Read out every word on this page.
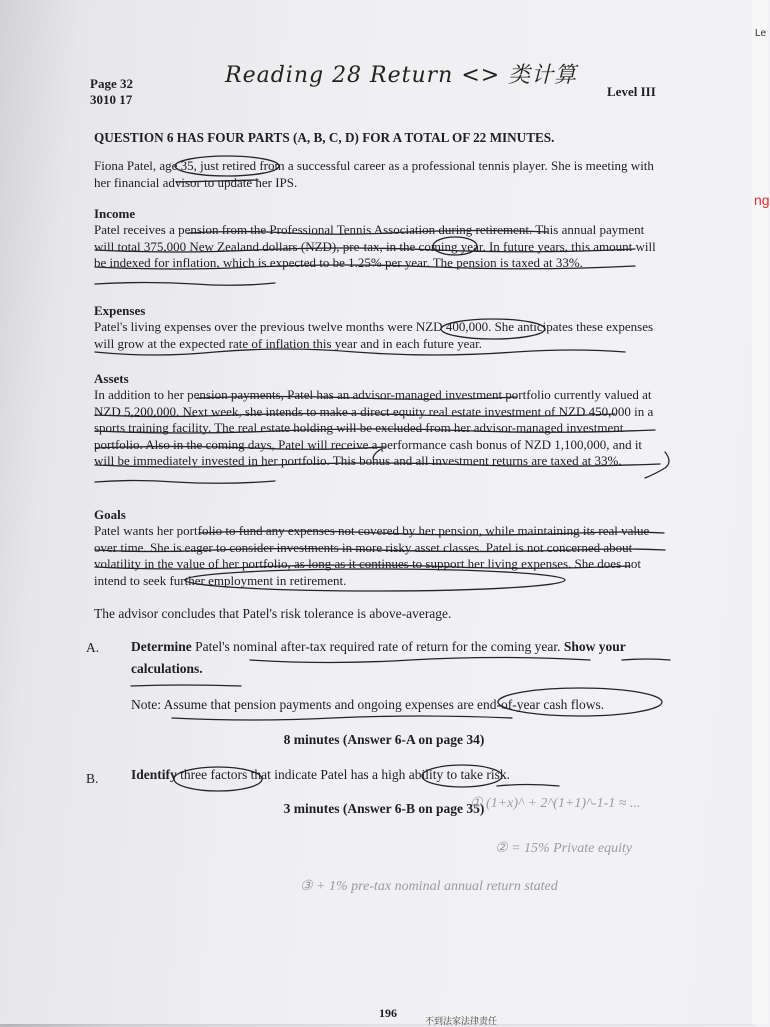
Page 32
3010 17
Reading 28 Return <> 类计算
Level III
QUESTION 6 HAS FOUR PARTS (A, B, C, D) FOR A TOTAL OF 22 MINUTES.
Fiona Patel, age 35, just retired from a successful career as a professional tennis player. She is meeting with her financial advisor to update her IPS.
Income
Patel receives a pension from the Professional Tennis Association during retirement. This annual payment will total 375,000 New Zealand dollars (NZD), pre-tax, in the coming year. In future years, this amount will be indexed for inflation, which is expected to be 1.25% per year. The pension is taxed at 33%.
Expenses
Patel's living expenses over the previous twelve months were NZD 400,000. She anticipates these expenses will grow at the expected rate of inflation this year and in each future year.
Assets
In addition to her pension payments, Patel has an advisor-managed investment portfolio currently valued at NZD 5,200,000. Next week, she intends to make a direct equity real estate investment of NZD 450,000 in a sports training facility. The real estate holding will be excluded from her advisor-managed investment portfolio. Also in the coming days, Patel will receive a performance cash bonus of NZD 1,100,000, and it will be immediately invested in her portfolio. This bonus and all investment returns are taxed at 33%.
Goals
Patel wants her portfolio to fund any expenses not covered by her pension, while maintaining its real value over time. She is eager to consider investments in more risky asset classes. Patel is not concerned about volatility in the value of her portfolio, as long as it continues to support her living expenses. She does not intend to seek further employment in retirement.
The advisor concludes that Patel's risk tolerance is above-average.
A. Determine Patel's nominal after-tax required rate of return for the coming year. Show your calculations.
Note: Assume that pension payments and ongoing expenses are end-of-year cash flows.
8 minutes (Answer 6-A on page 34)
B. Identify three factors that indicate Patel has a high ability to take risk.
3 minutes (Answer 6-B on page 35)
① (1+x)^ + 2^(1+1)^-1-1 ≈ ...
② = 15% Private equity
③ + 1% pre-tax nominal annual return stated
196
不到法家法律责任
Le
ng
